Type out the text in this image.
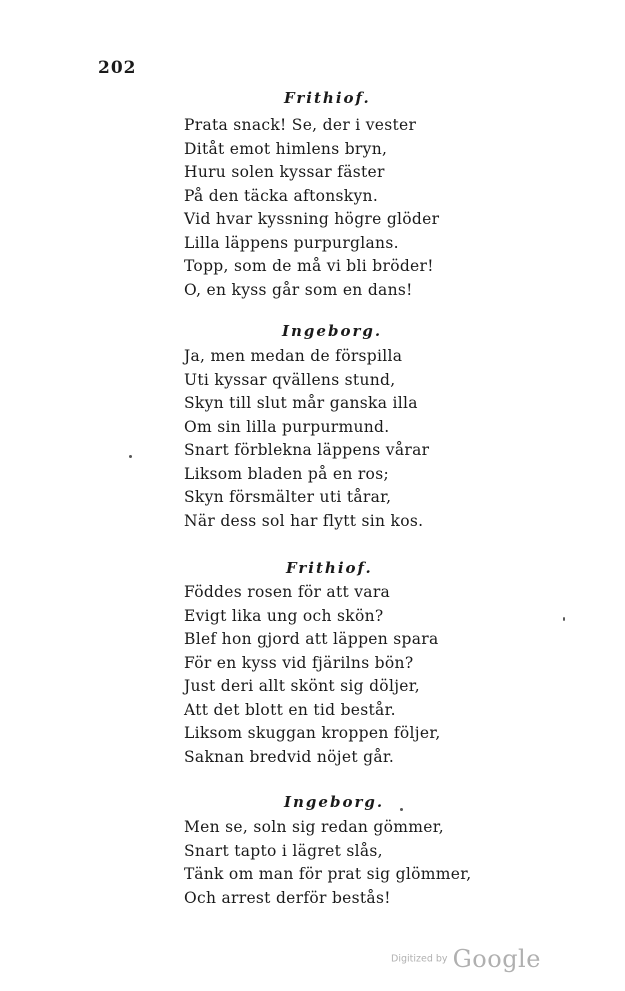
202
Frithiof.
Prata snack! Se, der i vester
Ditåt emot himlens bryn,
Huru solen kyssar fäster
På den täcka aftonskyn.
Vid hvar kyssning högre glöder
Lilla läppens purpurglans.
Topp, som de må vi bli bröder!
O, en kyss går som en dans!
Ingeborg.
Ja, men medan de förspilla
Uti kyssar qvällens stund,
Skyn till slut mår ganska illa
Om sin lilla purpurmund.
Snart förblekna läppens vårar
Liksom bladen på en ros;
Skyn försmälter uti tårar,
När dess sol har flytt sin kos.
Frithiof.
Föddes rosen för att vara
Evigt lika ung och skön?
Blef hon gjord att läppen spara
För en kyss vid fjärilns bön?
Just deri allt skönt sig döljer,
Att det blott en tid består.
Liksom skuggan kroppen följer,
Saknan bredvid nöjet går.
Ingeborg.
Men se, soln sig redan gömmer,
Snart tapto i lägret slås,
Tänk om man för prat sig glömmer,
Och arrest derför bestås!
Digitized by Google
